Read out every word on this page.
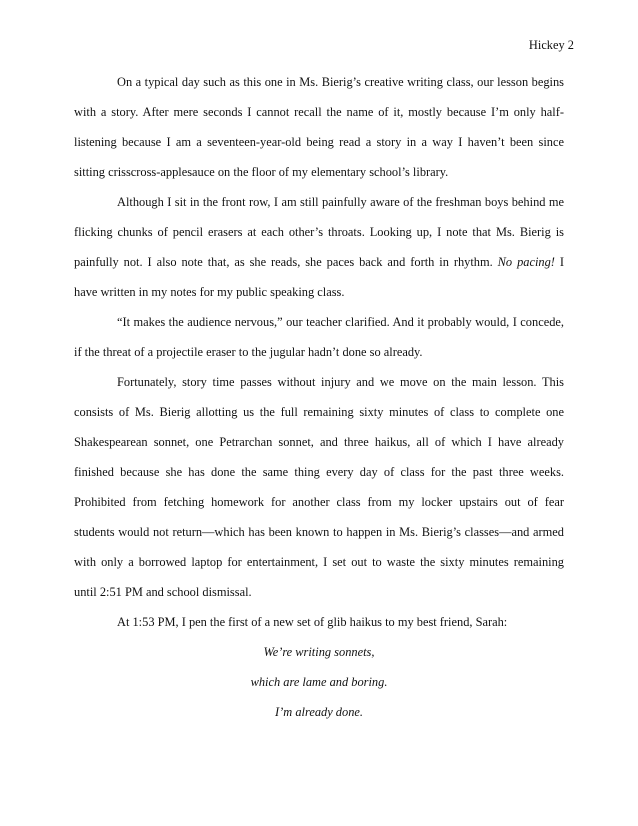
Hickey 2
On a typical day such as this one in Ms. Bierig’s creative writing class, our lesson begins
with a story. After mere seconds I cannot recall the name of it, mostly because I’m only half-
listening because I am a seventeen-year-old being read a story in a way I haven’t been since
sitting crisscross-applesauce on the floor of my elementary school’s library.
Although I sit in the front row, I am still painfully aware of the freshman boys behind me
flicking chunks of pencil erasers at each other’s throats. Looking up, I note that Ms. Bierig is
painfully not. I also note that, as she reads, she paces back and forth in rhythm. No pacing! I
have written in my notes for my public speaking class.
“It makes the audience nervous,” our teacher clarified. And it probably would, I concede,
if the threat of a projectile eraser to the jugular hadn’t done so already.
Fortunately, story time passes without injury and we move on the main lesson. This
consists of Ms. Bierig allotting us the full remaining sixty minutes of class to complete one
Shakespearean sonnet, one Petrarchan sonnet, and three haikus, all of which I have already
finished because she has done the same thing every day of class for the past three weeks.
Prohibited from fetching homework for another class from my locker upstairs out of fear
students would not return—which has been known to happen in Ms. Bierig’s classes—and armed
with only a borrowed laptop for entertainment, I set out to waste the sixty minutes remaining
until 2:51 PM and school dismissal.
At 1:53 PM, I pen the first of a new set of glib haikus to my best friend, Sarah:
We’re writing sonnets,
which are lame and boring.
I’m already done.
